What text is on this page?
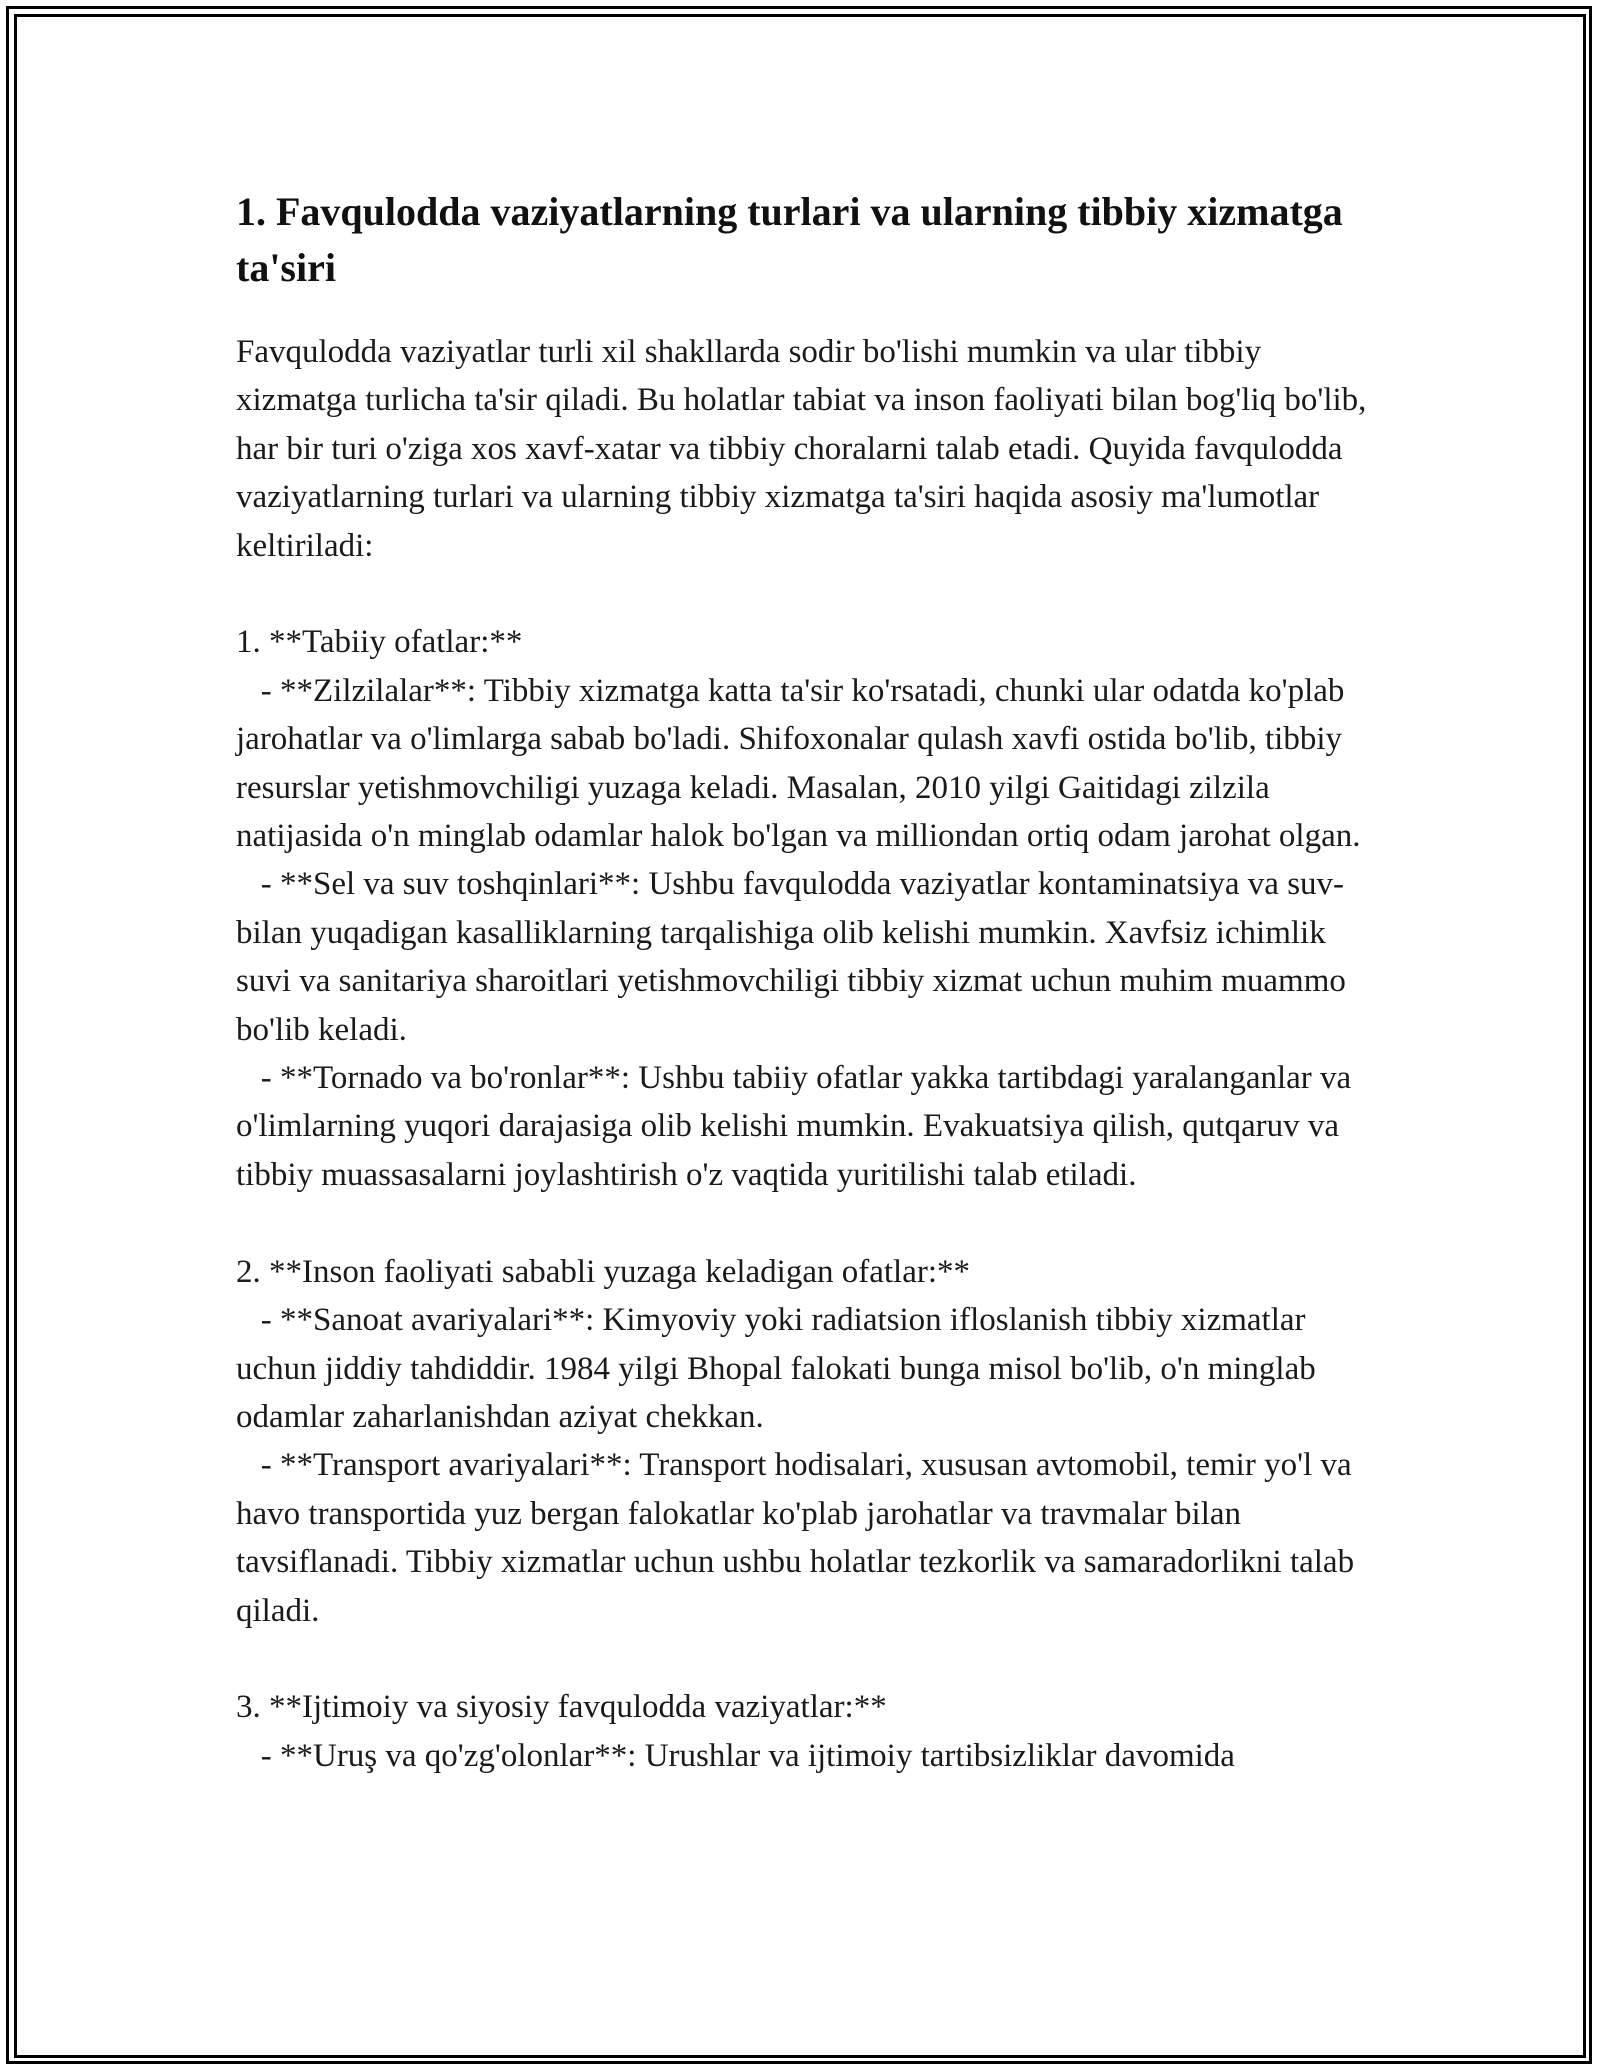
1. Favqulodda vaziyatlarning turlari va ularning tibbiy xizmatga ta'siri

Favqulodda vaziyatlar turli xil shakllarda sodir bo'lishi mumkin va ular tibbiy xizmatga turlicha ta'sir qiladi. Bu holatlar tabiat va inson faoliyati bilan bog'liq bo'lib, har bir turi o'ziga xos xavf-xatar va tibbiy choralarni talab etadi. Quyida favqulodda vaziyatlarning turlari va ularning tibbiy xizmatga ta'siri haqida asosiy ma'lumotlar keltiriladi:

1. **Tabiiy ofatlar:**

- **Zilzilalar**: Tibbiy xizmatga katta ta'sir ko'rsatadi, chunki ular odatda ko'plab jarohatlar va o'limlarga sabab bo'ladi. Shifoxonalar qulash xavfi ostida bo'lib, tibbiy resurslar yetishmovchiligi yuzaga keladi. Masalan, 2010 yilgi Gaitidagi zilzila natijasida o'n minglab odamlar halok bo'lgan va milliondan ortiq odam jarohat olgan.

- **Sel va suv toshqinlari**: Ushbu favqulodda vaziyatlar kontaminatsiya va suv-bilan yuqadigan kasalliklarning tarqalishiga olib kelishi mumkin. Xavfsiz ichimlik suvi va sanitariya sharoitlari yetishmovchiligi tibbiy xizmat uchun muhim muammo bo'lib keladi.

- **Tornado va bo'ronlar**: Ushbu tabiiy ofatlar yakka tartibdagi yaralanganlar va o'limlarning yuqori darajasiga olib kelishi mumkin. Evakuatsiya qilish, qutqaruv va tibbiy muassasalarni joylashtirish o'z vaqtida yuritilishi talab etiladi.

2. **Inson faoliyati sababli yuzaga keladigan ofatlar:**

- **Sanoat avariyalari**: Kimyoviy yoki radiatsion ifloslanish tibbiy xizmatlar uchun jiddiy tahdiddir. 1984 yilgi Bhopal falokati bunga misol bo'lib, o'n minglab odamlar zaharlanishdan aziyat chekkan.

- **Transport avariyalari**: Transport hodisalari, xususan avtomobil, temir yo'l va havo transportida yuz bergan falokatlar ko'plab jarohatlar va travmalar bilan tavsiflanadi. Tibbiy xizmatlar uchun ushbu holatlar tezkorlik va samaradorlikni talab qiladi.

3. **Ijtimoiy va siyosiy favqulodda vaziyatlar:**

- **Uruş va qo'zg'olonlar**: Urushlar va ijtimoiy tartibsizliklar davomida
